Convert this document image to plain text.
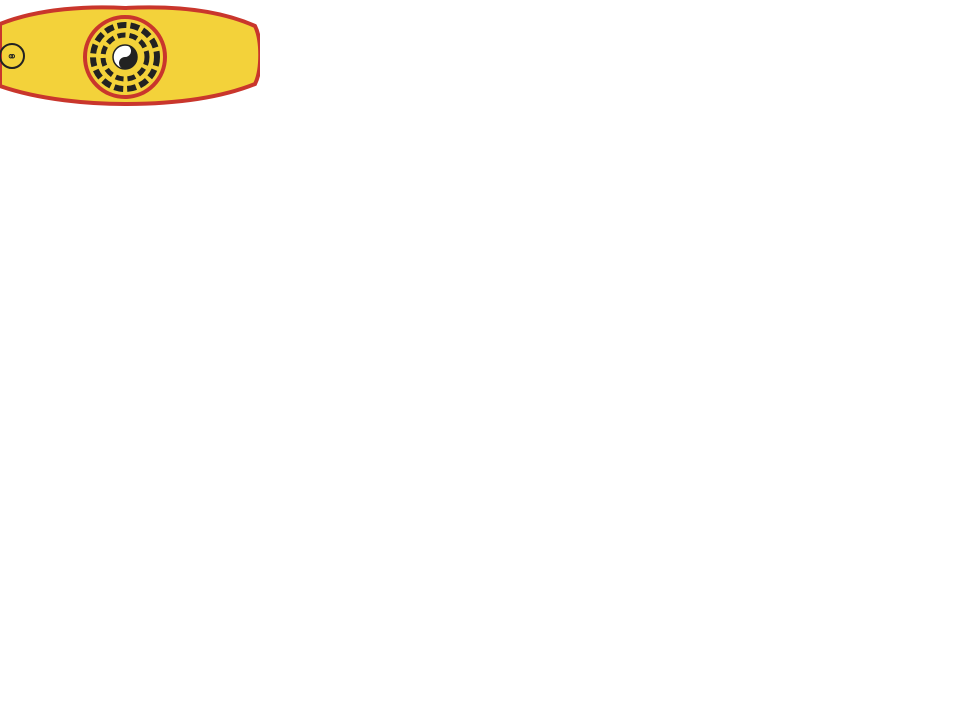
⚭
